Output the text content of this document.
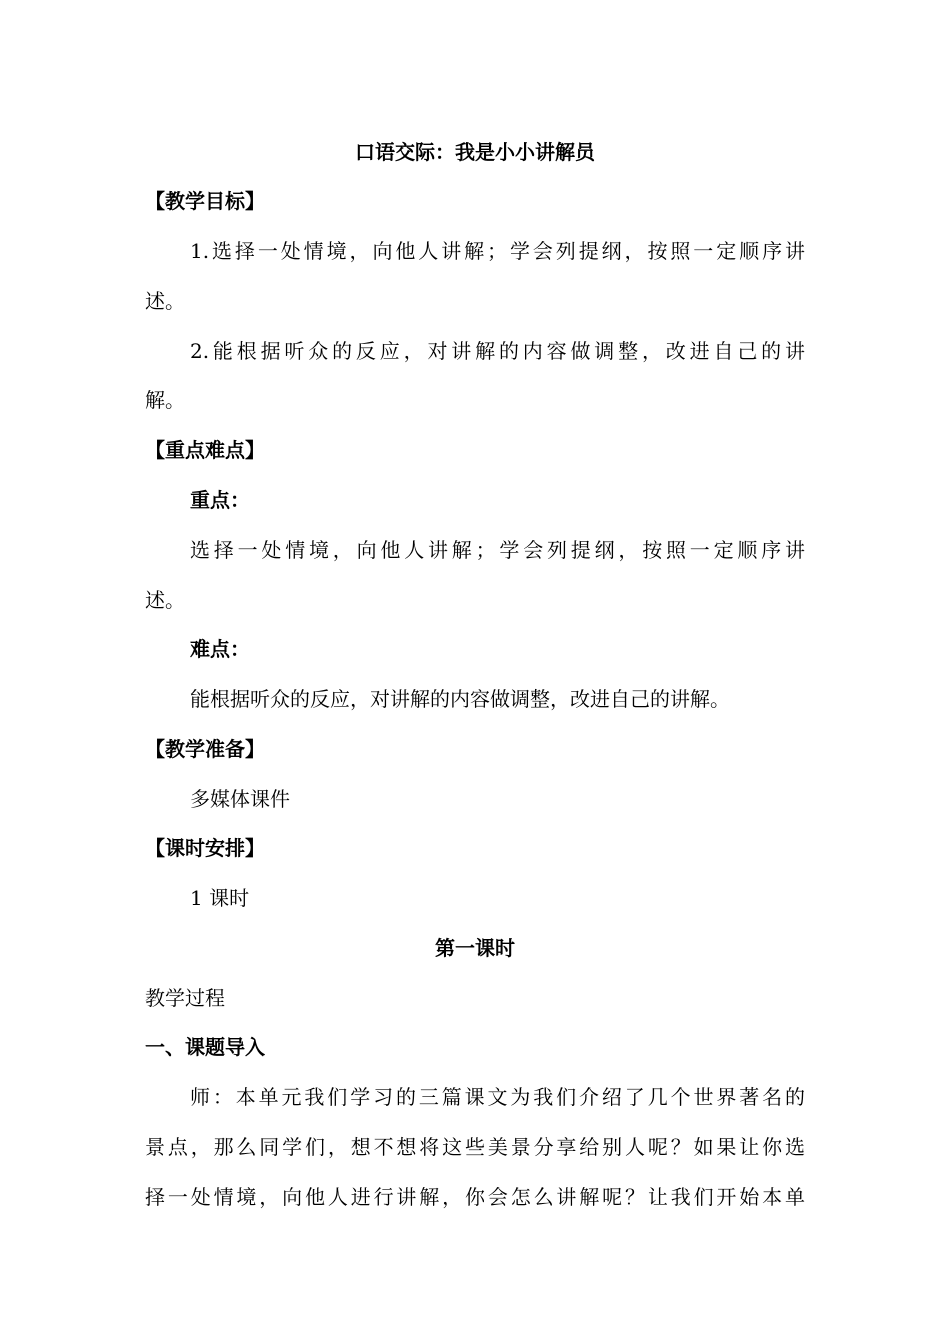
口语交际：我是小小讲解员
【教学目标】
1.选择一处情境，向他人讲解；学会列提纲，按照一定顺序讲
述。
2.能根据听众的反应，对讲解的内容做调整，改进自己的讲
解。
【重点难点】
重点：
选择一处情境，向他人讲解；学会列提纲，按照一定顺序讲
述。
难点：
能根据听众的反应，对讲解的内容做调整，改进自己的讲解。
【教学准备】
多媒体课件
【课时安排】
1 课时
第一课时
教学过程
一、课题导入
师：本单元我们学习的三篇课文为我们介绍了几个世界著名的
景点，那么同学们，想不想将这些美景分享给别人呢？如果让你选
择一处情境，向他人进行讲解，你会怎么讲解呢？让我们开始本单
